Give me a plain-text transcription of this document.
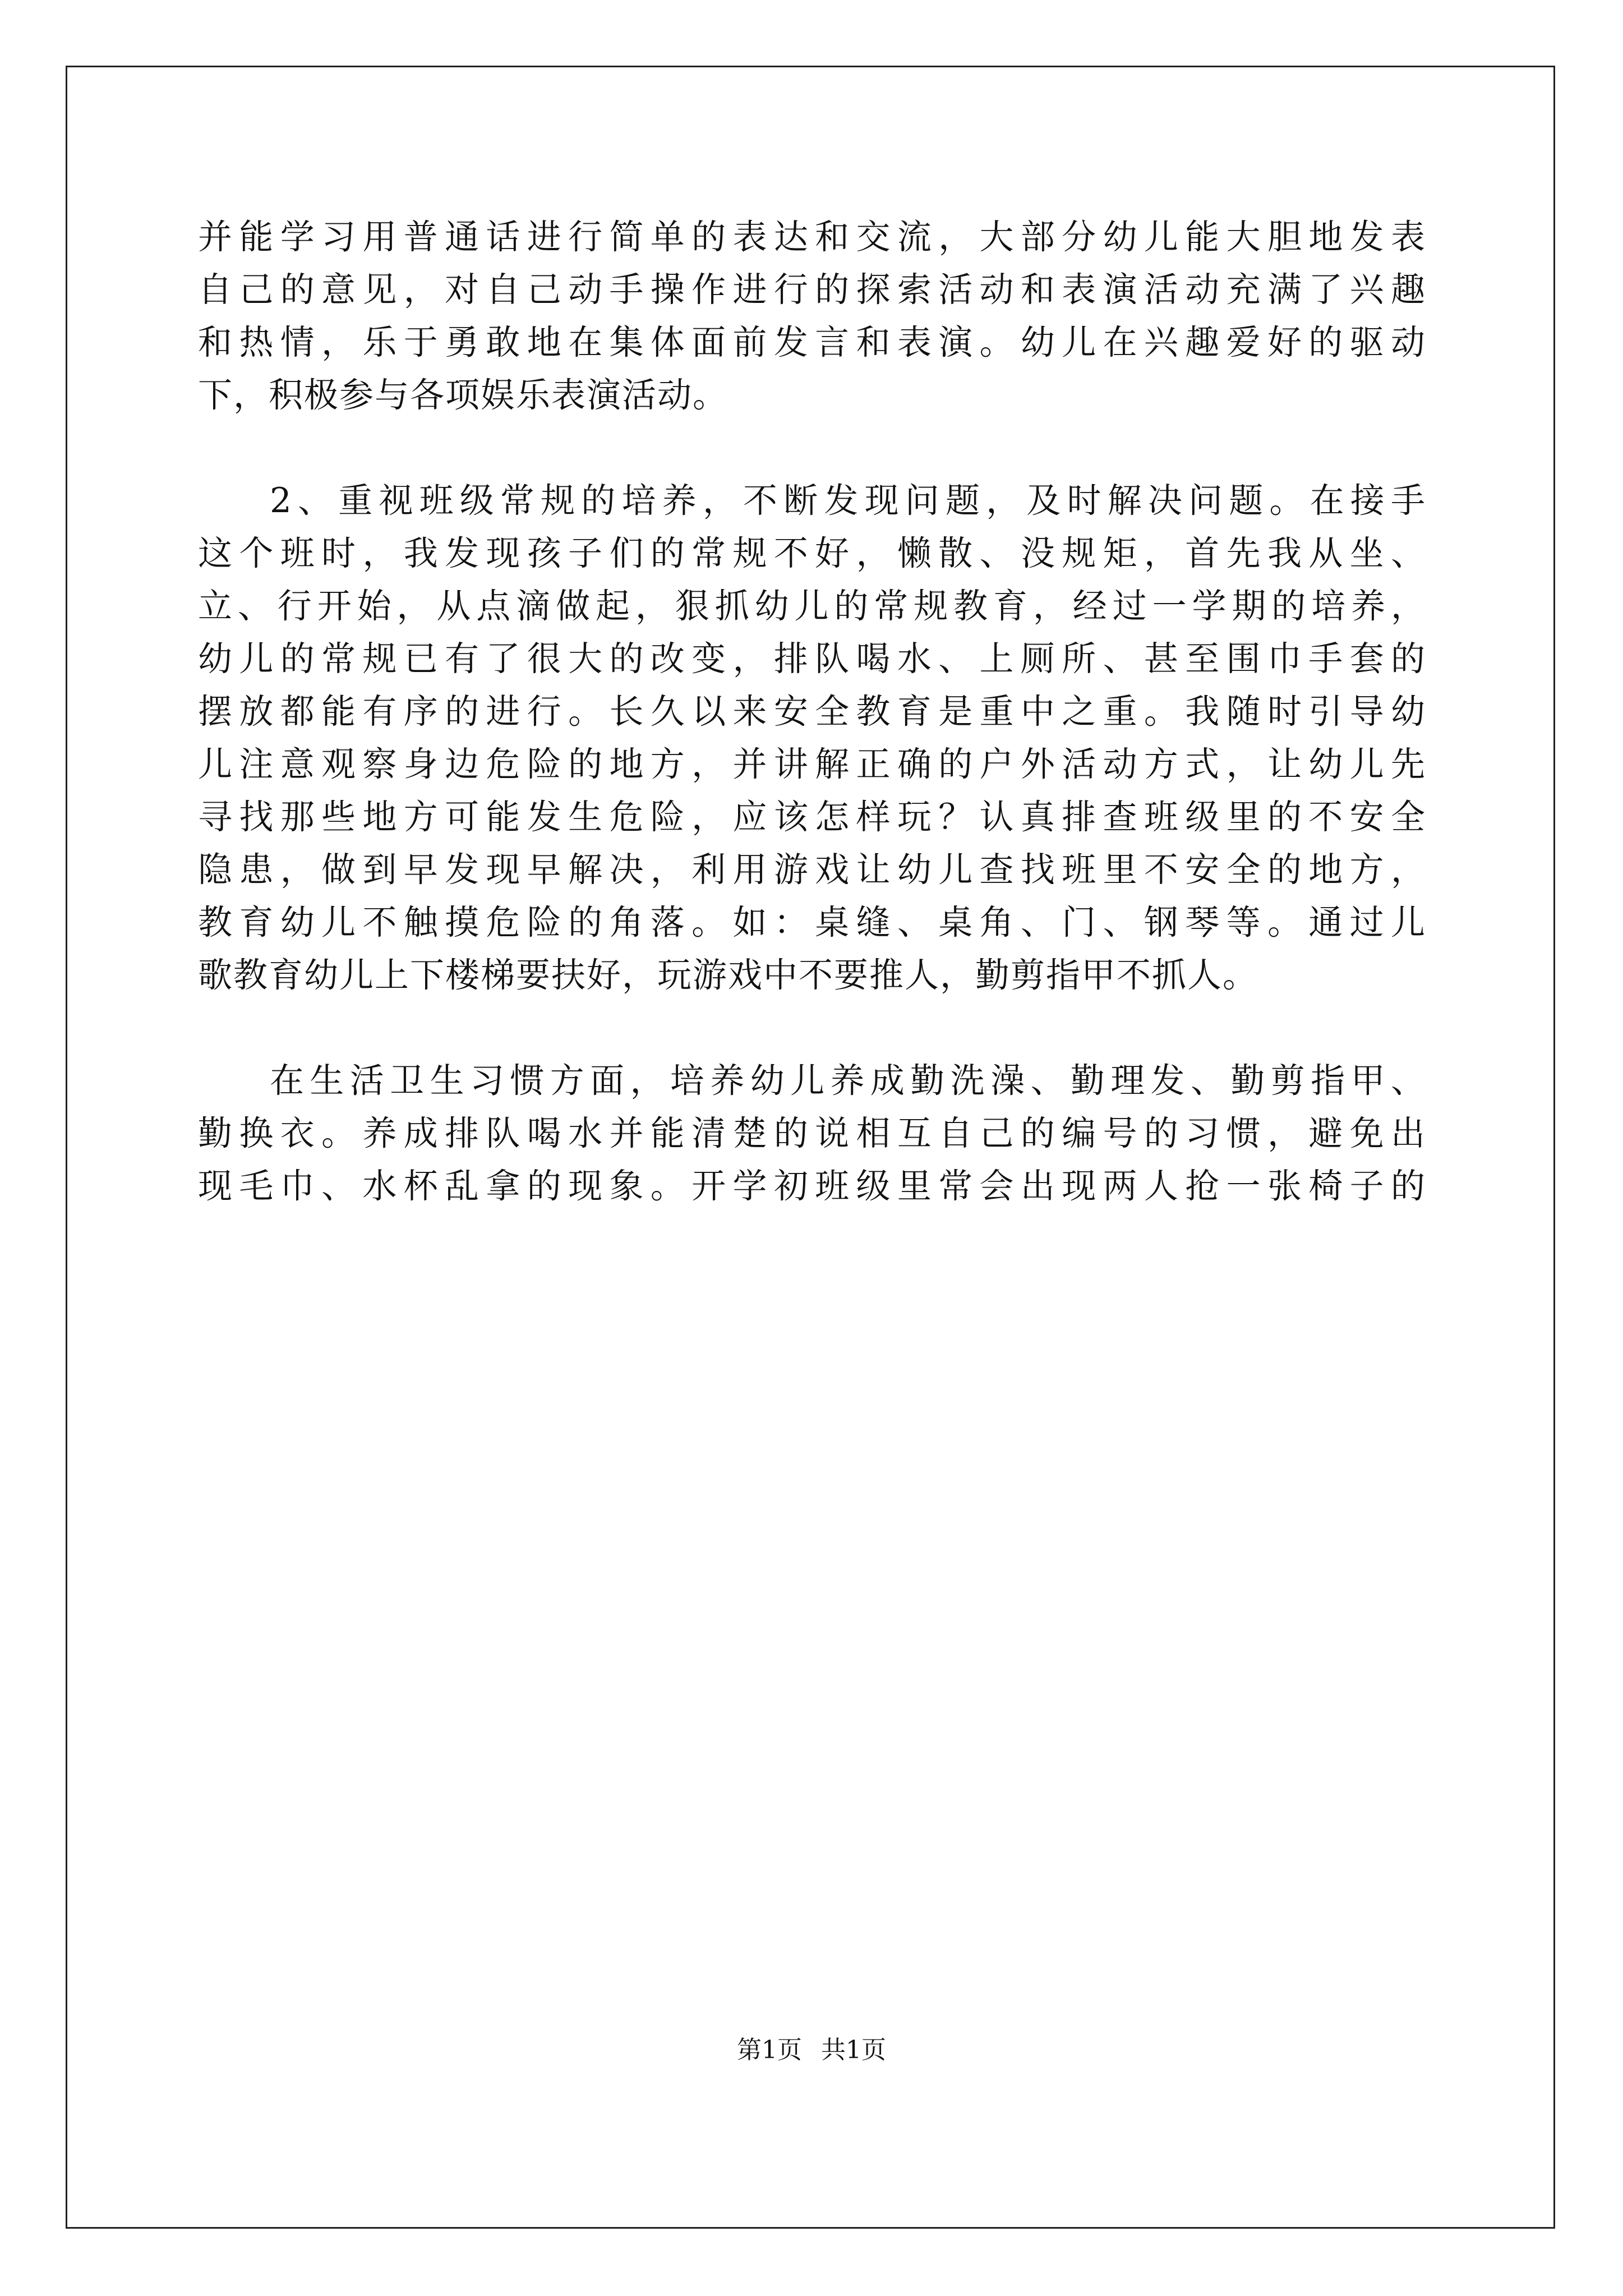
并能学习用普通话进行简单的表达和交流，大部分幼儿能大胆地发表
自己的意见，对自己动手操作进行的探索活动和表演活动充满了兴趣
和热情，乐于勇敢地在集体面前发言和表演。幼儿在兴趣爱好的驱动
下，积极参与各项娱乐表演活动。
2、重视班级常规的培养，不断发现问题，及时解决问题。在接手
这个班时，我发现孩子们的常规不好，懒散、没规矩，首先我从坐、
立、行开始，从点滴做起，狠抓幼儿的常规教育，经过一学期的培养，
幼儿的常规已有了很大的改变，排队喝水、上厕所、甚至围巾手套的
摆放都能有序的进行。长久以来安全教育是重中之重。我随时引导幼
儿注意观察身边危险的地方，并讲解正确的户外活动方式，让幼儿先
寻找那些地方可能发生危险，应该怎样玩？认真排查班级里的不安全
隐患，做到早发现早解决，利用游戏让幼儿查找班里不安全的地方，
教育幼儿不触摸危险的角落。如：桌缝、桌角、门、钢琴等。通过儿
歌教育幼儿上下楼梯要扶好，玩游戏中不要推人，勤剪指甲不抓人。
在生活卫生习惯方面，培养幼儿养成勤洗澡、勤理发、勤剪指甲、
勤换衣。养成排队喝水并能清楚的说相互自己的编号的习惯，避免出
现毛巾、水杯乱拿的现象。开学初班级里常会出现两人抢一张椅子的
第1页 共1页
